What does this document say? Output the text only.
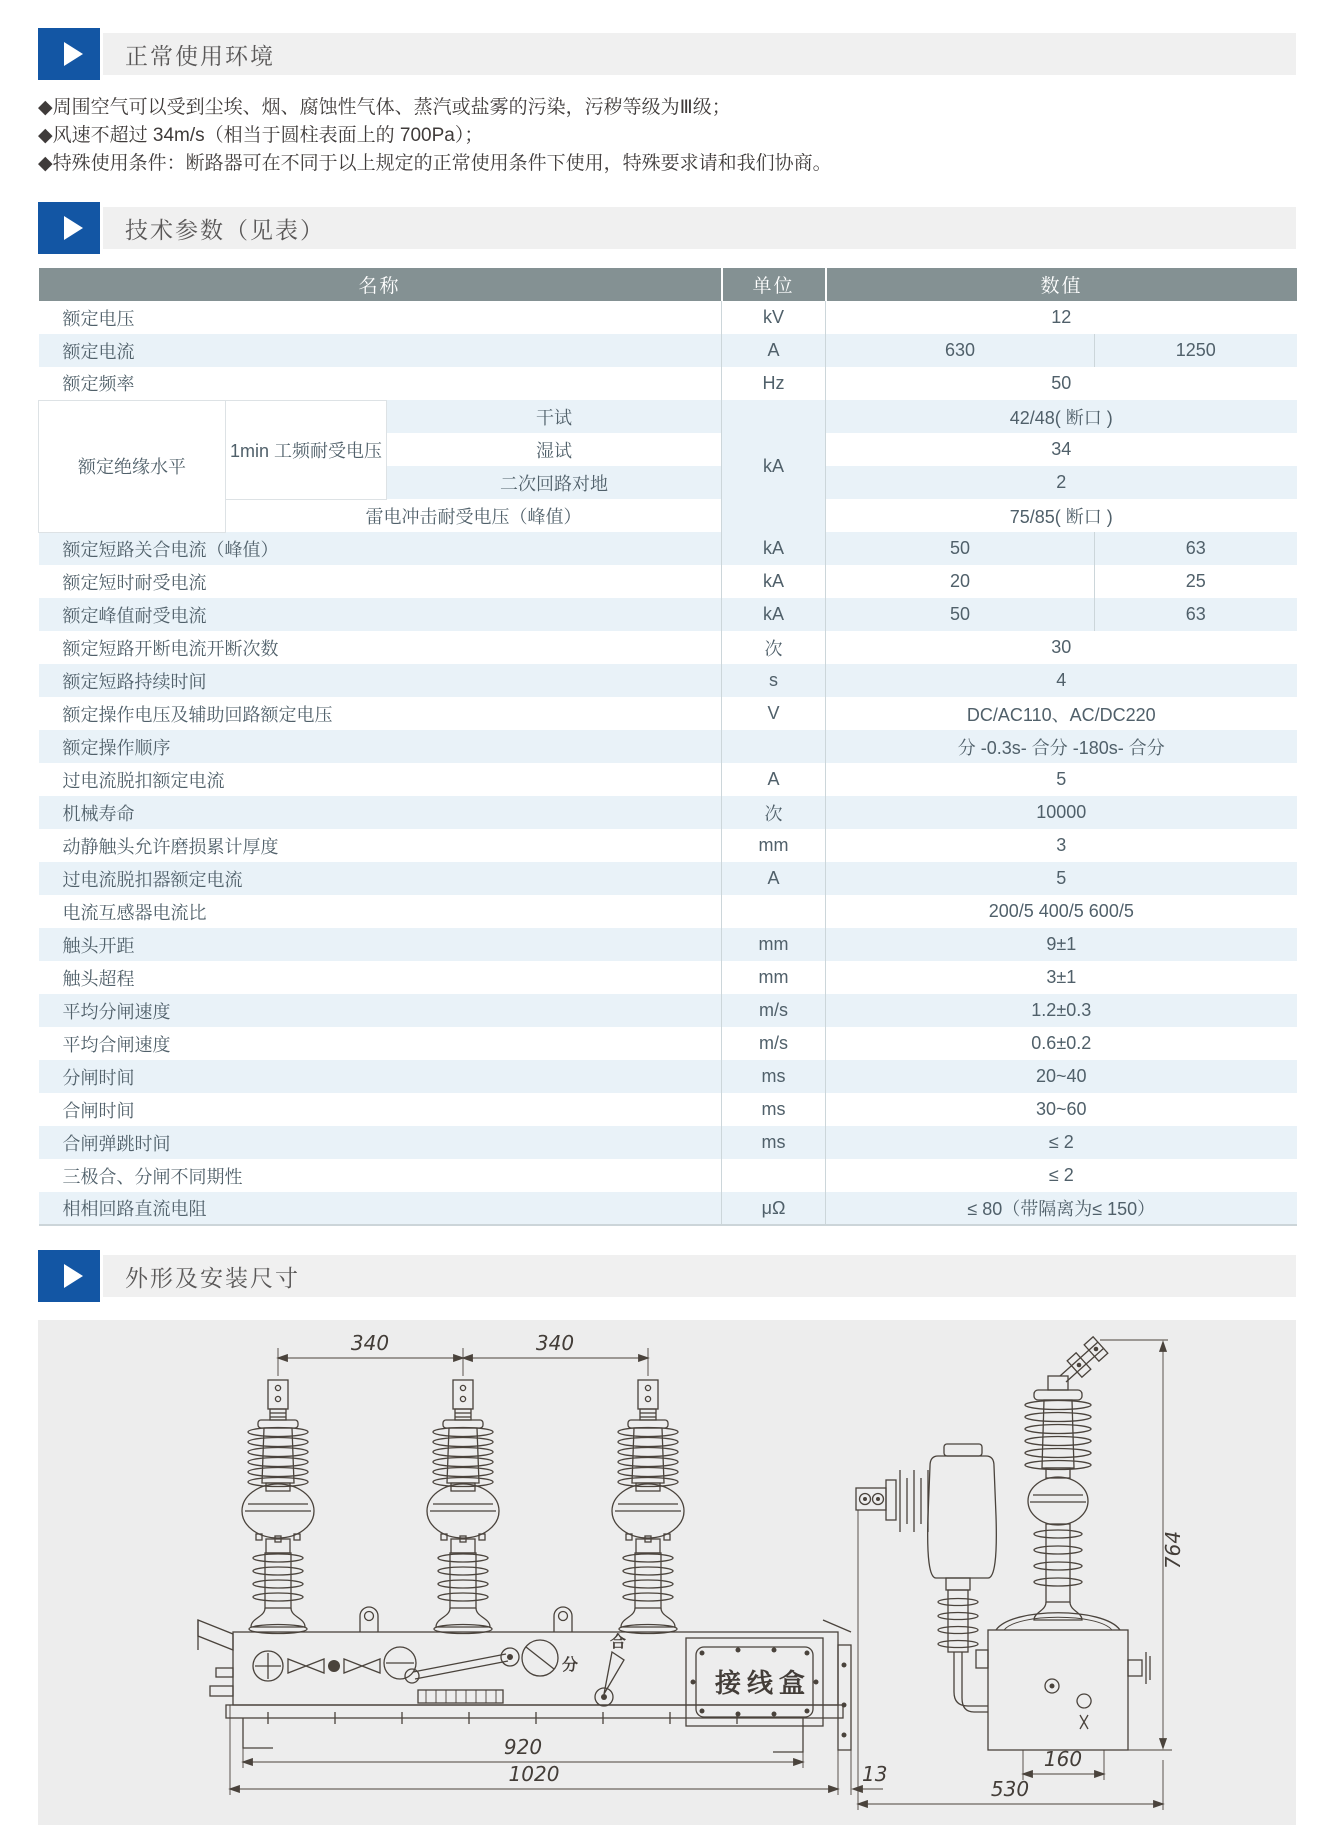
正常使用环境

◆周围空气可以受到尘埃、烟、腐蚀性气体、蒸汽或盐雾的污染，污秽等级为Ⅲ级；

◆风速不超过 34m/s（相当于圆柱表面上的 700Pa）；

◆特殊使用条件：断路器可在不同于以上规定的正常使用条件下使用，特殊要求请和我们协商。

技术参数（见表）
名称			单位	数值	
额定电压			kV	12	
额定电流			A	630	1250
额定频率			Hz	50	
额定绝缘水平	1min 工频耐受电压	干试	kA	42/48( 断口 )	
		湿试		34	
		二次回路对地		2	
	雷电冲击耐受电压（峰值）			75/85( 断口 )	
额定短路关合电流（峰值）			kA	50	63
额定短时耐受电流			kA	20	25
额定峰值耐受电流			kA	50	63
额定短路开断电流开断次数			次	30	
额定短路持续时间			s	4	
额定操作电压及辅助回路额定电压			V	DC/AC110、AC/DC220	
额定操作顺序				分 -0.3s- 合分 -180s- 合分	
过电流脱扣额定电流			A	5	
机械寿命			次	10000	
动静触头允许磨损累计厚度			mm	3	
过电流脱扣器额定电流			A	5	
电流互感器电流比				200/5 400/5 600/5	
触头开距			mm	9±1	
触头超程			mm	3±1	
平均分闸速度			m/s	1.2±0.3	
平均合闸速度			m/s	0.6±0.2	
分闸时间			ms	20~40	
合闸时间			ms	30~60	
合闸弹跳时间			ms	≤ 2	
三极合、分闸不同期性				≤ 2	
相相回路直流电阻			μΩ	≤ 80（带隔离为≤ 150）	
外形及安装尺寸
340	340
分
合
接线盒
920
1020	13
764
160
530
